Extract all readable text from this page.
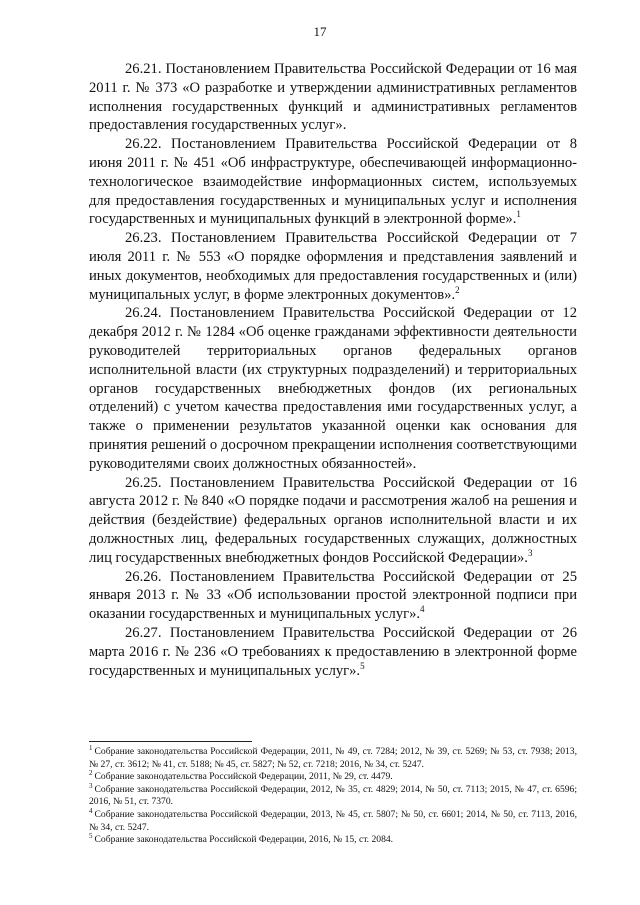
17

26.21. Постановлением Правительства Российской Федерации от 16 мая 2011 г. № 373 «О разработке и утверждении административных регламентов исполнения государственных функций и административных регламентов предоставления государственных услуг».

26.22. Постановлением Правительства Российской Федерации от 8 июня 2011 г. № 451 «Об инфраструктуре, обеспечивающей информационно-технологическое взаимодействие информационных систем, используемых для предоставления государственных и муниципальных услуг и исполнения государственных и муниципальных функций в электронной форме».$^1$

26.23. Постановлением Правительства Российской Федерации от 7 июля 2011 г. № 553 «О порядке оформления и представления заявлений и иных документов, необходимых для предоставления государственных и (или) муниципальных услуг, в форме электронных документов».$^2$

26.24. Постановлением Правительства Российской Федерации от 12 декабря 2012 г. № 1284 «Об оценке гражданами эффективности деятельности руководителей территориальных органов федеральных органов исполнительной власти (их структурных подразделений) и территориальных органов государственных внебюджетных фондов (их региональных отделений) с учетом качества предоставления ими государственных услуг, а также о применении результатов указанной оценки как основания для принятия решений о досрочном прекращении исполнения соответствующими руководителями своих должностных обязанностей».

26.25. Постановлением Правительства Российской Федерации от 16 августа 2012 г. № 840 «О порядке подачи и рассмотрения жалоб на решения и действия (бездействие) федеральных органов исполнительной власти и их должностных лиц, федеральных государственных служащих, должностных лиц государственных внебюджетных фондов Российской Федерации».$^3$

26.26. Постановлением Правительства Российской Федерации от 25 января 2013 г. № 33 «Об использовании простой электронной подписи при оказании государственных и муниципальных услуг».$^4$

26.27. Постановлением Правительства Российской Федерации от 26 марта 2016 г. № 236 «О требованиях к предоставлению в электронной форме государственных и муниципальных услуг».$^5$

$^1$ Собрание законодательства Российской Федерации, 2011, № 49, ст. 7284; 2012, № 39, ст. 5269; № 53, ст. 7938; 2013, № 27, ст. 3612; № 41, ст. 5188; № 45, ст. 5827; № 52, ст. 7218; 2016, № 34, ст. 5247.

$^2$ Собрание законодательства Российской Федерации, 2011, № 29, ст. 4479.

$^3$ Собрание законодательства Российской Федерации, 2012, № 35, ст. 4829; 2014, № 50, ст. 7113; 2015, № 47, ст. 6596; 2016, № 51, ст. 7370.

$^4$ Собрание законодательства Российской Федерации, 2013, № 45, ст. 5807; № 50, ст. 6601; 2014, № 50, ст. 7113, 2016, № 34, ст. 5247.

$^5$ Собрание законодательства Российской Федерации, 2016, № 15, ст. 2084.
